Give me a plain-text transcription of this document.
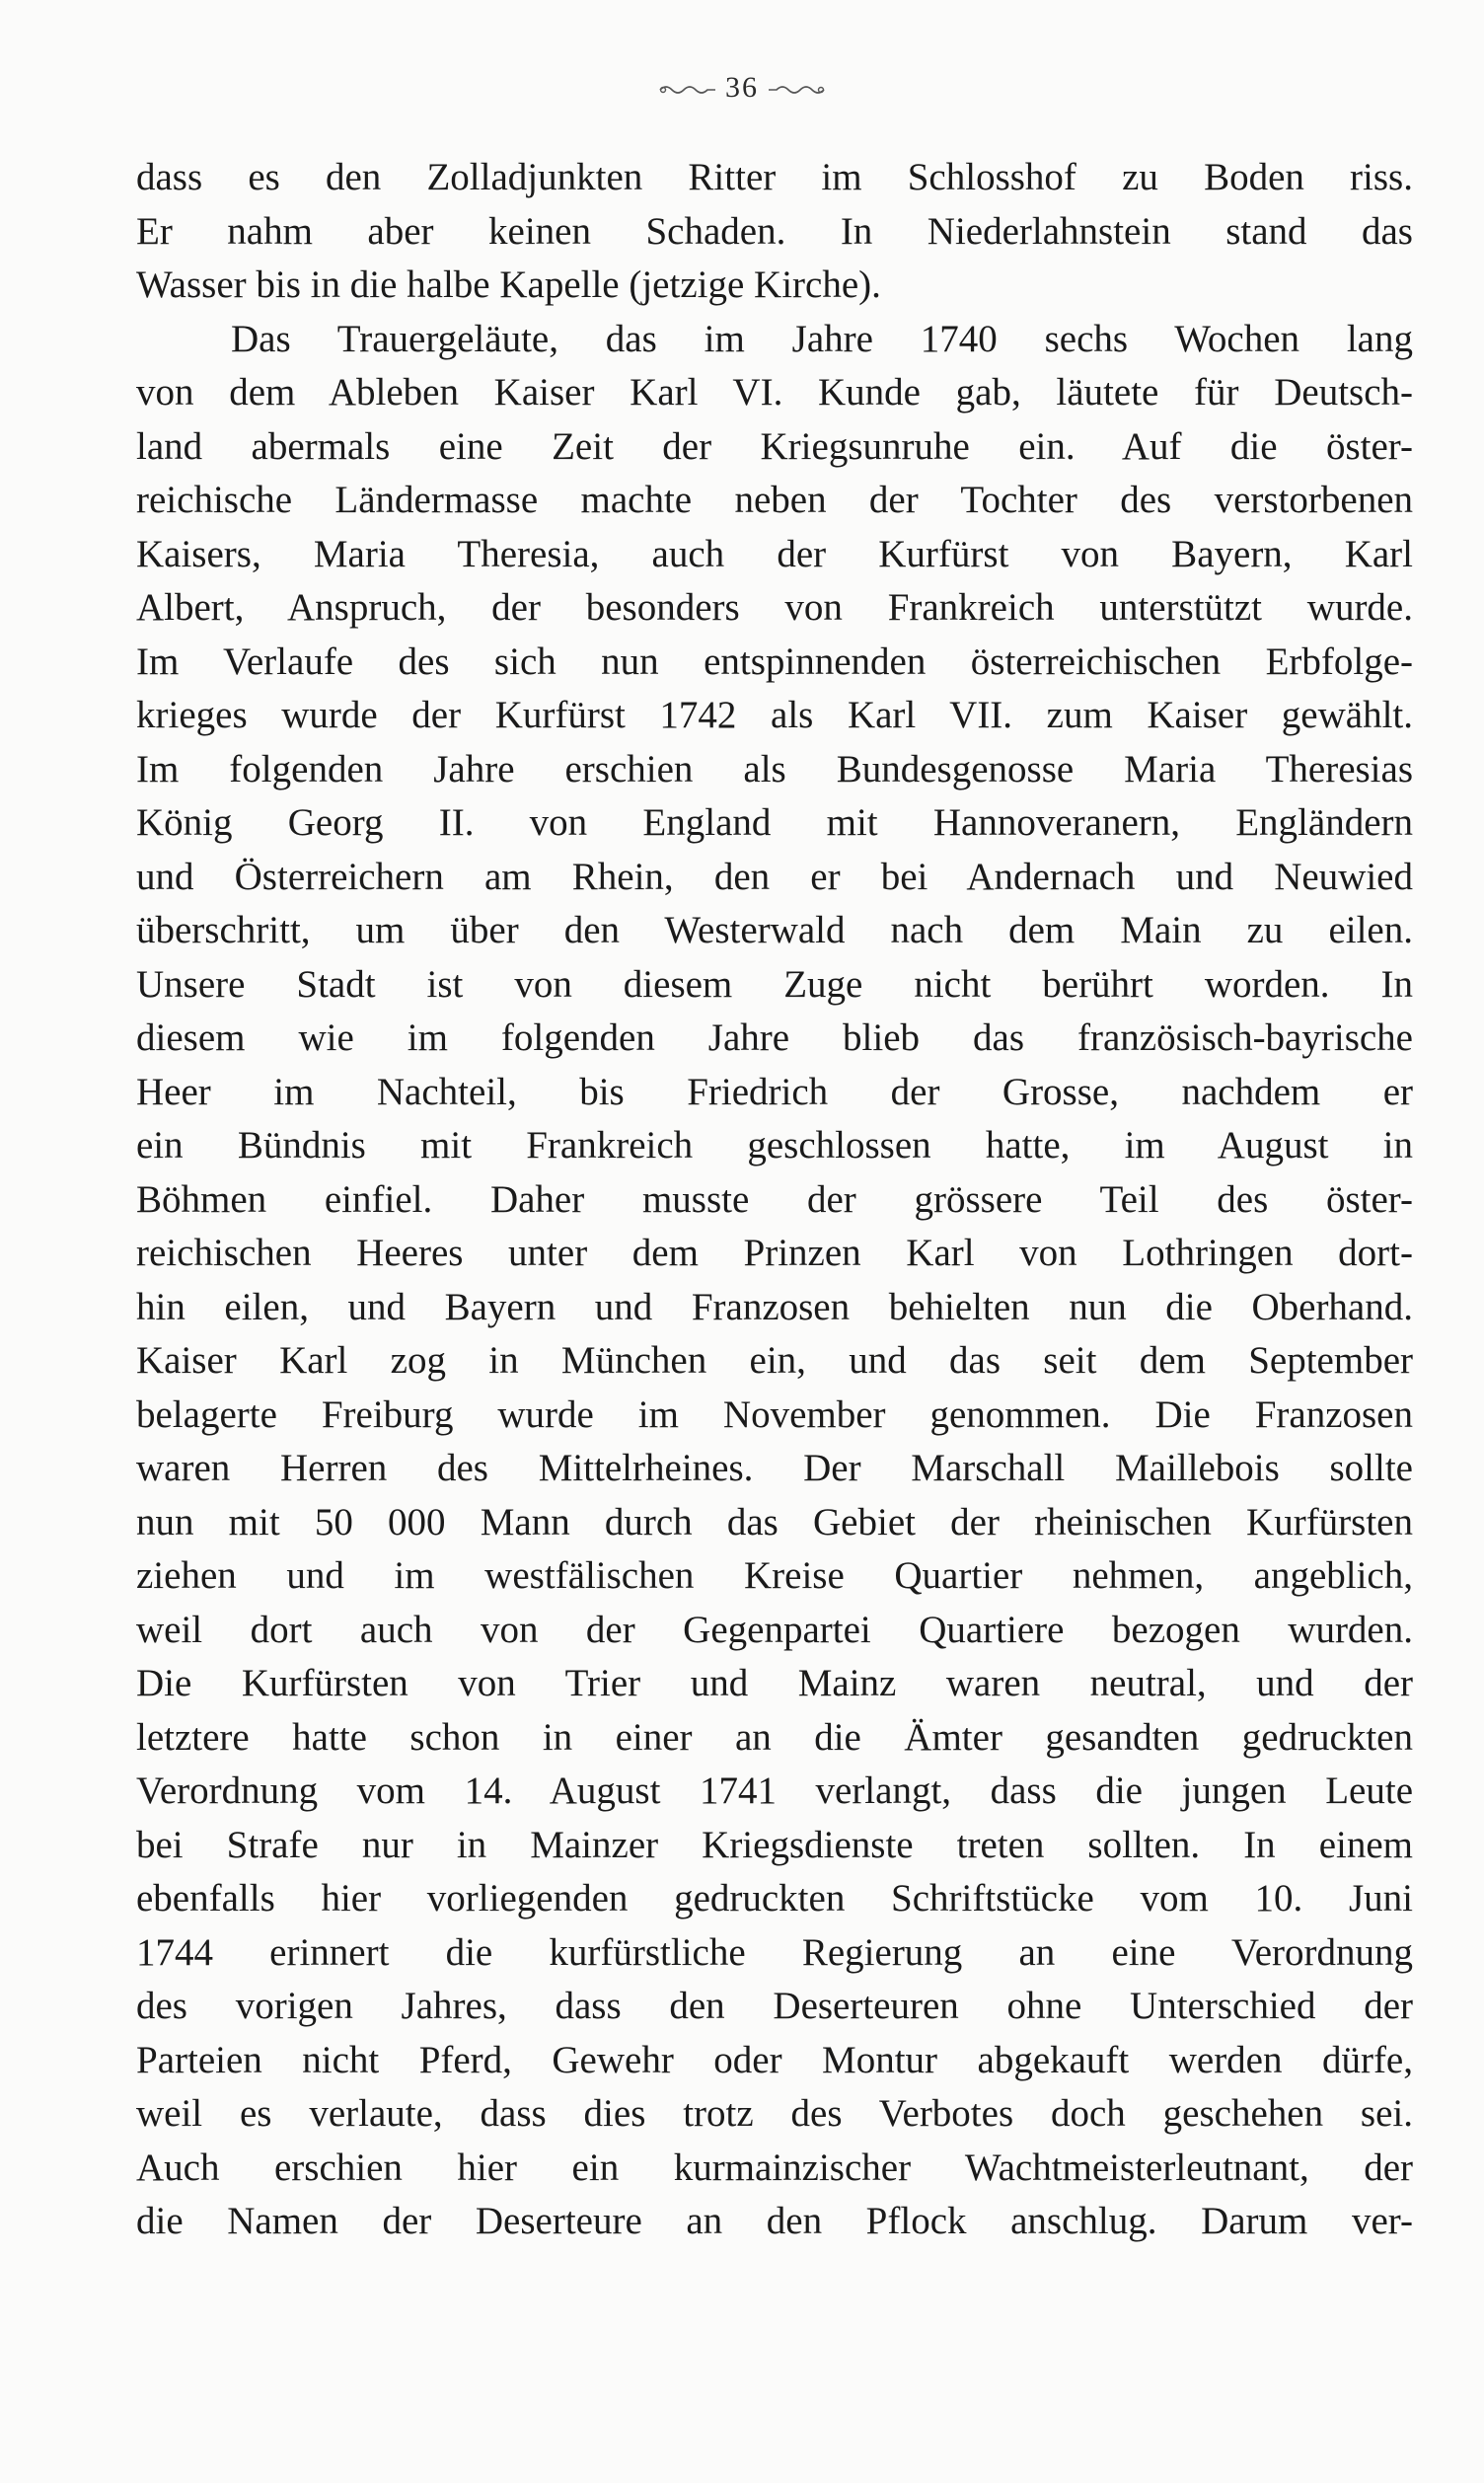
36
dass es den Zolladjunkten Ritter im Schlosshof zu Boden riss.
Er nahm aber keinen Schaden. In Niederlahnstein stand das
Wasser bis in die halbe Kapelle (jetzige Kirche).
Das Trauergeläute, das im Jahre 1740 sechs Wochen lang
von dem Ableben Kaiser Karl VI. Kunde gab, läutete für Deutsch-
land abermals eine Zeit der Kriegsunruhe ein. Auf die öster-
reichische Ländermasse machte neben der Tochter des verstorbenen
Kaisers, Maria Theresia, auch der Kurfürst von Bayern, Karl
Albert, Anspruch, der besonders von Frankreich unterstützt wurde.
Im Verlaufe des sich nun entspinnenden österreichischen Erbfolge-
krieges wurde der Kurfürst 1742 als Karl VII. zum Kaiser gewählt.
Im folgenden Jahre erschien als Bundesgenosse Maria Theresias
König Georg II. von England mit Hannoveranern, Engländern
und Österreichern am Rhein, den er bei Andernach und Neuwied
überschritt, um über den Westerwald nach dem Main zu eilen.
Unsere Stadt ist von diesem Zuge nicht berührt worden. In
diesem wie im folgenden Jahre blieb das französisch-bayrische
Heer im Nachteil, bis Friedrich der Grosse, nachdem er
ein Bündnis mit Frankreich geschlossen hatte, im August in
Böhmen einfiel. Daher musste der grössere Teil des öster-
reichischen Heeres unter dem Prinzen Karl von Lothringen dort-
hin eilen, und Bayern und Franzosen behielten nun die Oberhand.
Kaiser Karl zog in München ein, und das seit dem September
belagerte Freiburg wurde im November genommen. Die Franzosen
waren Herren des Mittelrheines. Der Marschall Maillebois sollte
nun mit 50 000 Mann durch das Gebiet der rheinischen Kurfürsten
ziehen und im westfälischen Kreise Quartier nehmen, angeblich,
weil dort auch von der Gegenpartei Quartiere bezogen wurden.
Die Kurfürsten von Trier und Mainz waren neutral, und der
letztere hatte schon in einer an die Ämter gesandten gedruckten
Verordnung vom 14. August 1741 verlangt, dass die jungen Leute
bei Strafe nur in Mainzer Kriegsdienste treten sollten. In einem
ebenfalls hier vorliegenden gedruckten Schriftstücke vom 10. Juni
1744 erinnert die kurfürstliche Regierung an eine Verordnung
des vorigen Jahres, dass den Deserteuren ohne Unterschied der
Parteien nicht Pferd, Gewehr oder Montur abgekauft werden dürfe,
weil es verlaute, dass dies trotz des Verbotes doch geschehen sei.
Auch erschien hier ein kurmainzischer Wachtmeisterleutnant, der
die Namen der Deserteure an den Pflock anschlug. Darum ver-
